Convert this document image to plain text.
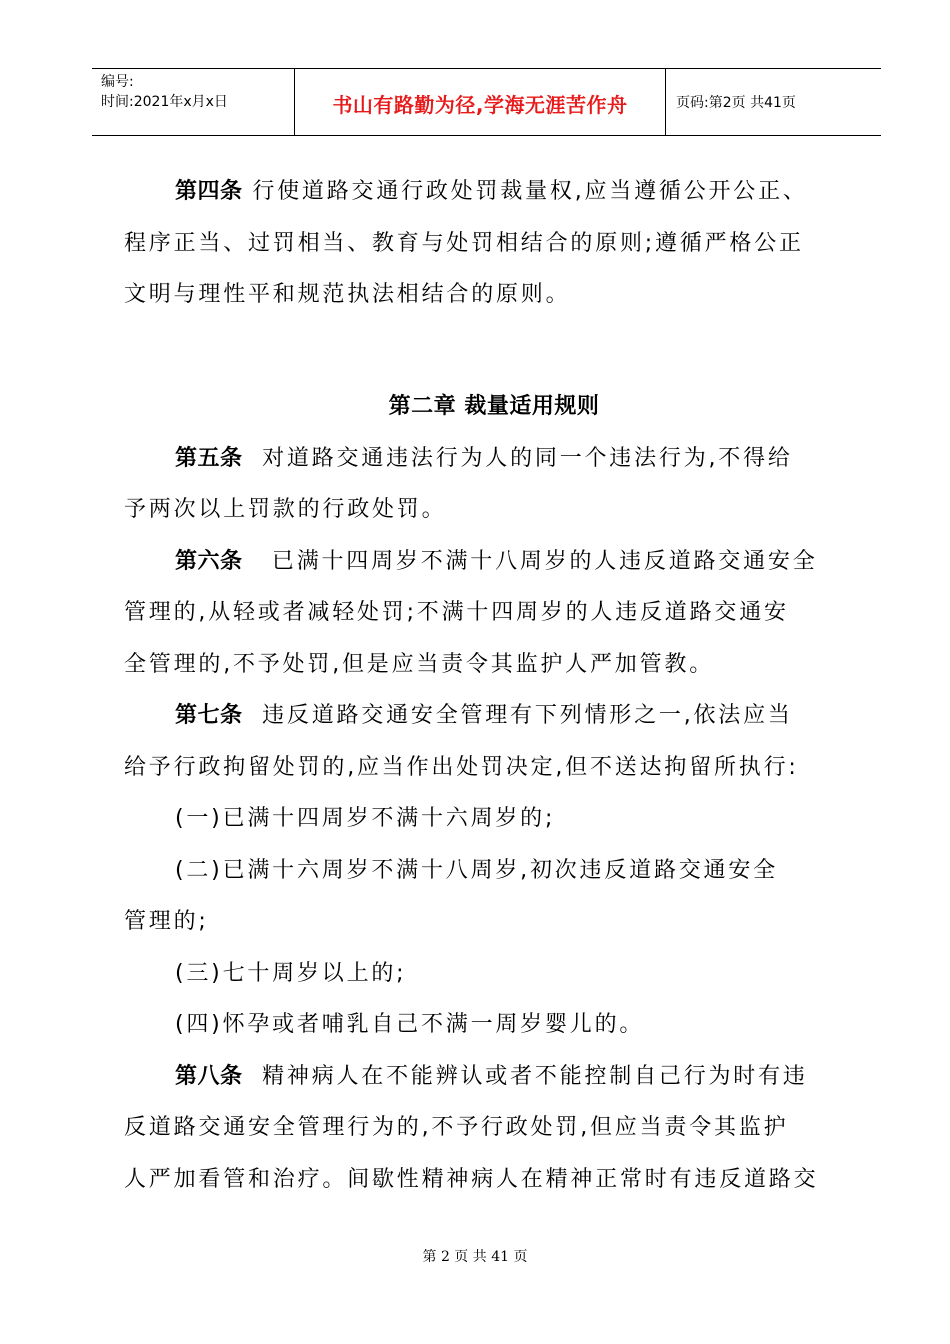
编号:
时间:2021年x月x日	书山有路勤为径,学海无涯苦作舟	页码:第2页 共41页

第四条 行使道路交通行政处罚裁量权,应当遵循公开公正、

程序正当、过罚相当、教育与处罚相结合的原则;遵循严格公正

文明与理性平和规范执法相结合的原则。

第二章 裁量适用规则

第五条 对道路交通违法行为人的同一个违法行为,不得给

予两次以上罚款的行政处罚。

第六条 已满十四周岁不满十八周岁的人违反道路交通安全

管理的,从轻或者减轻处罚;不满十四周岁的人违反道路交通安

全管理的,不予处罚,但是应当责令其监护人严加管教。

第七条 违反道路交通安全管理有下列情形之一,依法应当

给予行政拘留处罚的,应当作出处罚决定,但不送达拘留所执行:

(一)已满十四周岁不满十六周岁的;

(二)已满十六周岁不满十八周岁,初次违反道路交通安全

管理的;

(三)七十周岁以上的;

(四)怀孕或者哺乳自己不满一周岁婴儿的。

第八条 精神病人在不能辨认或者不能控制自己行为时有违

反道路交通安全管理行为的,不予行政处罚,但应当责令其监护

人严加看管和治疗。间歇性精神病人在精神正常时有违反道路交

第 2 页 共 41 页
